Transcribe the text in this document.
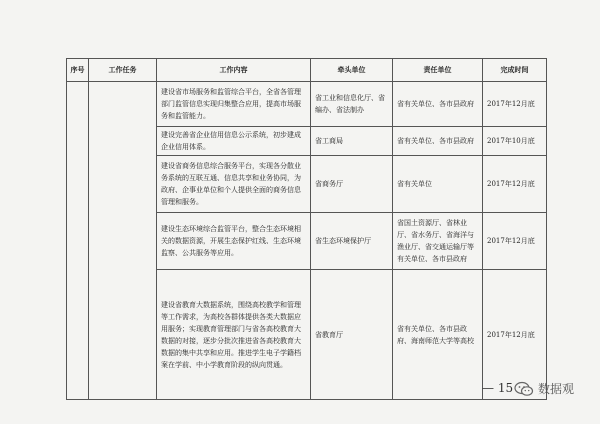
序号	工作任务	工作内容	牵头单位	责任单位	完成时间
		建设省市场服务和监管综合平台，全省各管理部门监管信息实现归集整合应用，提高市场服务和监管能力。	省工业和信息化厅、省编办、省法制办	省有关单位、各市县政府	2017年12月底
		建设完善省企业信用信息公示系统，初步建成企业信用体系。	省工商局	省有关单位、各市县政府	2017年10月底
		建设省商务信息综合服务平台，实现各分散业务系统的互联互通、信息共享和业务协同，为政府、企事业单位和个人提供全面的商务信息管理和服务。	省商务厅	省有关单位	2017年12月底
		建设生态环境综合监管平台，整合生态环境相关的数据资源，开展生态保护红线、生态环境监察、公共服务等应用。	省生态环境保护厅	省国土资源厅、省林业厅、省水务厅、省海洋与渔业厅、省交通运输厅等有关单位、各市县政府	2017年12月底
		建设省教育大数据系统，围绕高校教学和管理等工作需求，为高校各群体提供各类大数据应用服务；实现教育管理部门与省各高校教育大数据的对接，逐步分批次推进省各高校教育大数据的集中共享和应用。推进学生电子学籍档案在学前、中小学教育阶段的纵向贯通。	省教育厅	省有关单位、各市县政府、海南师范大学等高校	2017年12月底
— 15 数据观
